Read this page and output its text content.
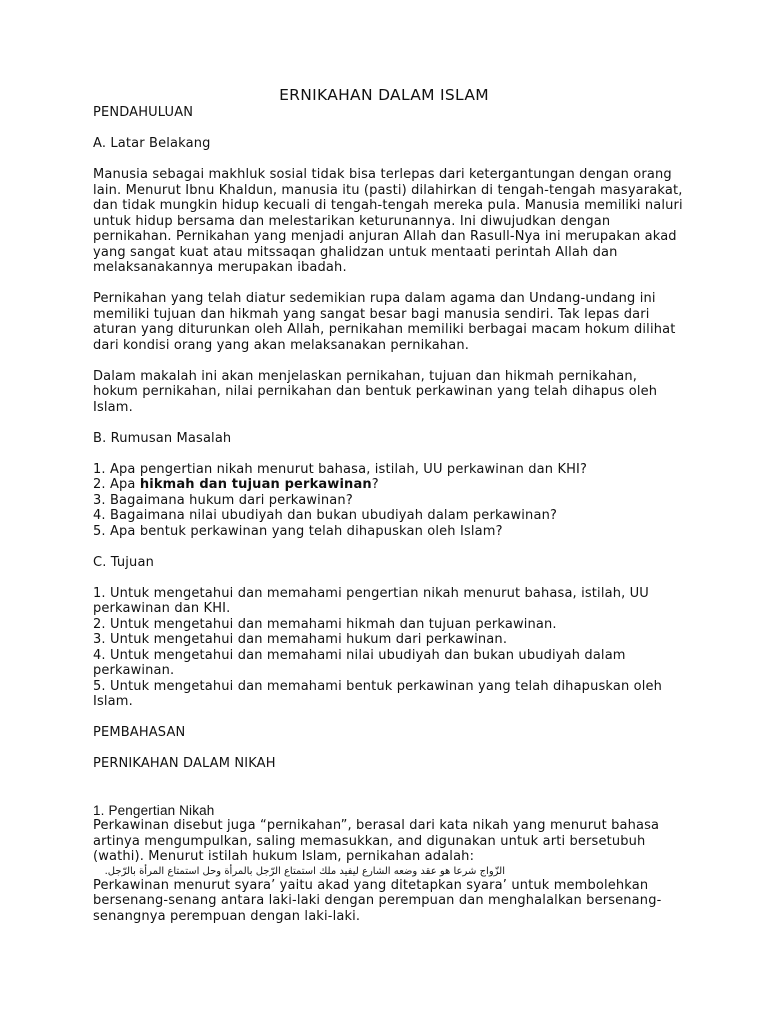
ERNIKAHAN DALAM ISLAM

PENDAHULUAN

A. Latar Belakang

Manusia sebagai makhluk sosial tidak bisa terlepas dari ketergantungan dengan orang lain. Menurut Ibnu Khaldun, manusia itu (pasti) dilahirkan di tengah-tengah masyarakat, dan tidak mungkin hidup kecuali di tengah-tengah mereka pula. Manusia memiliki naluri untuk hidup bersama dan melestarikan keturunannya. Ini diwujudkan dengan pernikahan. Pernikahan yang menjadi anjuran Allah dan Rasull-Nya ini merupakan akad yang sangat kuat atau mitssaqan ghalidzan untuk mentaati perintah Allah dan melaksanakannya merupakan ibadah.

Pernikahan yang telah diatur sedemikian rupa dalam agama dan Undang-undang ini memiliki tujuan dan hikmah yang sangat besar bagi manusia sendiri. Tak lepas dari aturan yang diturunkan oleh Allah, pernikahan memiliki berbagai macam hokum dilihat dari kondisi orang yang akan melaksanakan pernikahan.

Dalam makalah ini akan menjelaskan pernikahan, tujuan dan hikmah pernikahan, hokum pernikahan, nilai pernikahan dan bentuk perkawinan yang telah dihapus oleh Islam.

B. Rumusan Masalah

1. Apa pengertian nikah menurut bahasa, istilah, UU perkawinan dan KHI?
2. Apa hikmah dan tujuan perkawinan?
3. Bagaimana hukum dari perkawinan?
4. Bagaimana nilai ubudiyah dan bukan ubudiyah dalam perkawinan?
5. Apa bentuk perkawinan yang telah dihapuskan oleh Islam?

C. Tujuan

1. Untuk mengetahui dan memahami pengertian nikah menurut bahasa, istilah, UU perkawinan dan KHI.
2. Untuk mengetahui dan memahami hikmah dan tujuan perkawinan.
3. Untuk mengetahui dan memahami hukum dari perkawinan.
4. Untuk mengetahui dan memahami nilai ubudiyah dan bukan ubudiyah dalam perkawinan.
5. Untuk mengetahui dan memahami bentuk perkawinan yang telah dihapuskan oleh Islam.

PEMBAHASAN

PERNIKAHAN DALAM NIKAH

1. Pengertian Nikah

Perkawinan disebut juga “pernikahan”, berasal dari kata nikah yang menurut bahasa artinya mengumpulkan, saling memasukkan, and digunakan untuk arti bersetubuh (wathi). Menurut istilah hukum Islam, pernikahan adalah:

الزّواج شرعا هو عقد وضعه الشارع ليفيد ملك استمتاع الرّجل بالمرأة وحل استمتاع المرأة بالرّجل.

Perkawinan menurut syara’ yaitu akad yang ditetapkan syara’ untuk membolehkan bersenang-senang antara laki-laki dengan perempuan dan menghalalkan bersenang-senangnya perempuan dengan laki-laki.
